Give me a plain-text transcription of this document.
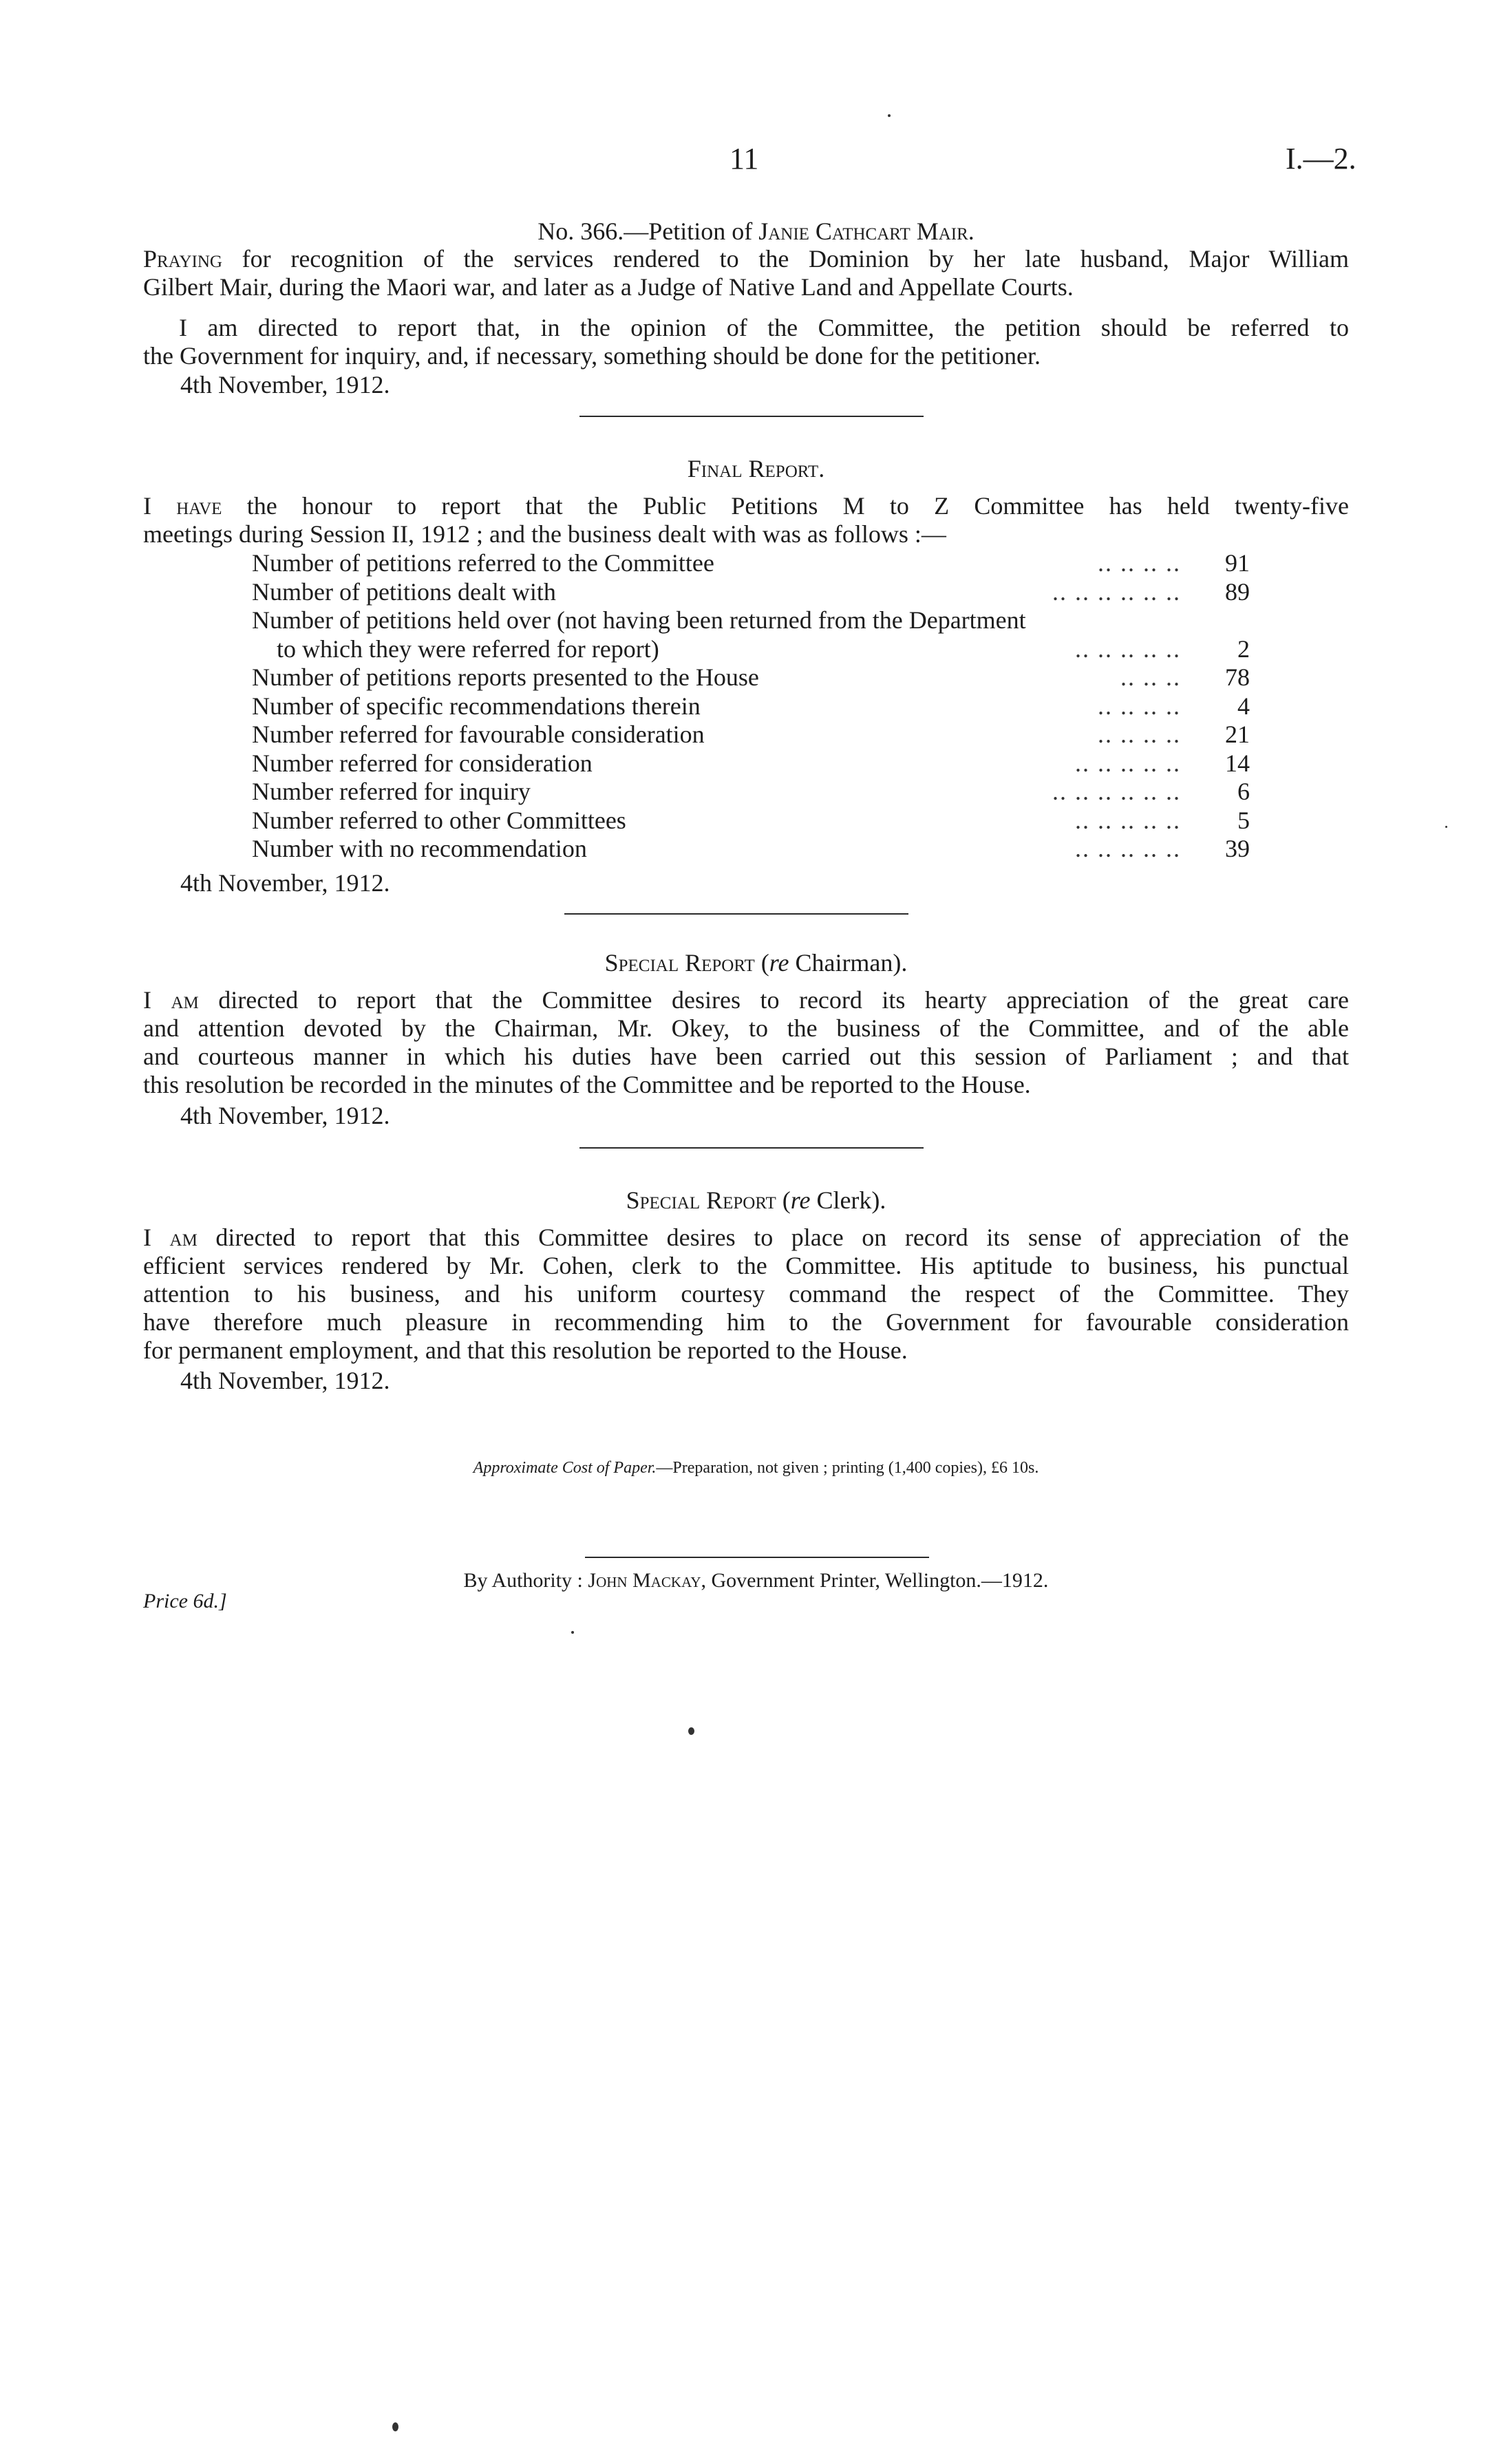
11	I.—2.
No. 366.—Petition of Janie Cathcart Mair.

Praying for recognition of the services rendered to the Dominion by her late husband, Major William

Gilbert Mair, during the Maori war, and later as a Judge of Native Land and Appellate Courts.

I am directed to report that, in the opinion of the Committee, the petition should be referred to

the Government for inquiry, and, if necessary, something should be done for the petitioner.

4th November, 1912.
Final Report.

I have the honour to report that the Public Petitions M to Z Committee has held twenty-five

meetings during Session II, 1912 ; and the business dealt with was as follows :—

.. .. .. ..
Number of petitions referred to the Committee	91
.. .. .. .. .. ..
Number of petitions dealt with	89
Number of petitions held over (not having been returned from the Department
.. .. .. .. ..
to which they were referred for report)	2
.. .. ..
Number of petitions reports presented to the House	78
.. .. .. ..
Number of specific recommendations therein	4
.. .. .. ..
Number referred for favourable consideration	21
.. .. .. .. ..
Number referred for consideration	14
.. .. .. .. .. ..
Number referred for inquiry	6
.. .. .. .. ..
Number referred to other Committees	5
.. .. .. .. ..
Number with no recommendation	39
4th November, 1912.
Special Report (re Chairman).

I am directed to report that the Committee desires to record its hearty appreciation of the great care

and attention devoted by the Chairman, Mr. Okey, to the business of the Committee, and of the able

and courteous manner in which his duties have been carried out this session of Parliament ; and that

this resolution be recorded in the minutes of the Committee and be reported to the House.

4th November, 1912.
Special Report (re Clerk).

I am directed to report that this Committee desires to place on record its sense of appreciation of the

efficient services rendered by Mr. Cohen, clerk to the Committee. His aptitude to business, his punctual

attention to his business, and his uniform courtesy command the respect of the Committee. They

have therefore much pleasure in recommending him to the Government for favourable consideration

for permanent employment, and that this resolution be reported to the House.

4th November, 1912.
Approximate Cost of Paper.—Preparation, not given ; printing (1,400 copies), £6 10s.
By Authority : John Mackay, Government Printer, Wellington.—1912.
Price 6d.]
